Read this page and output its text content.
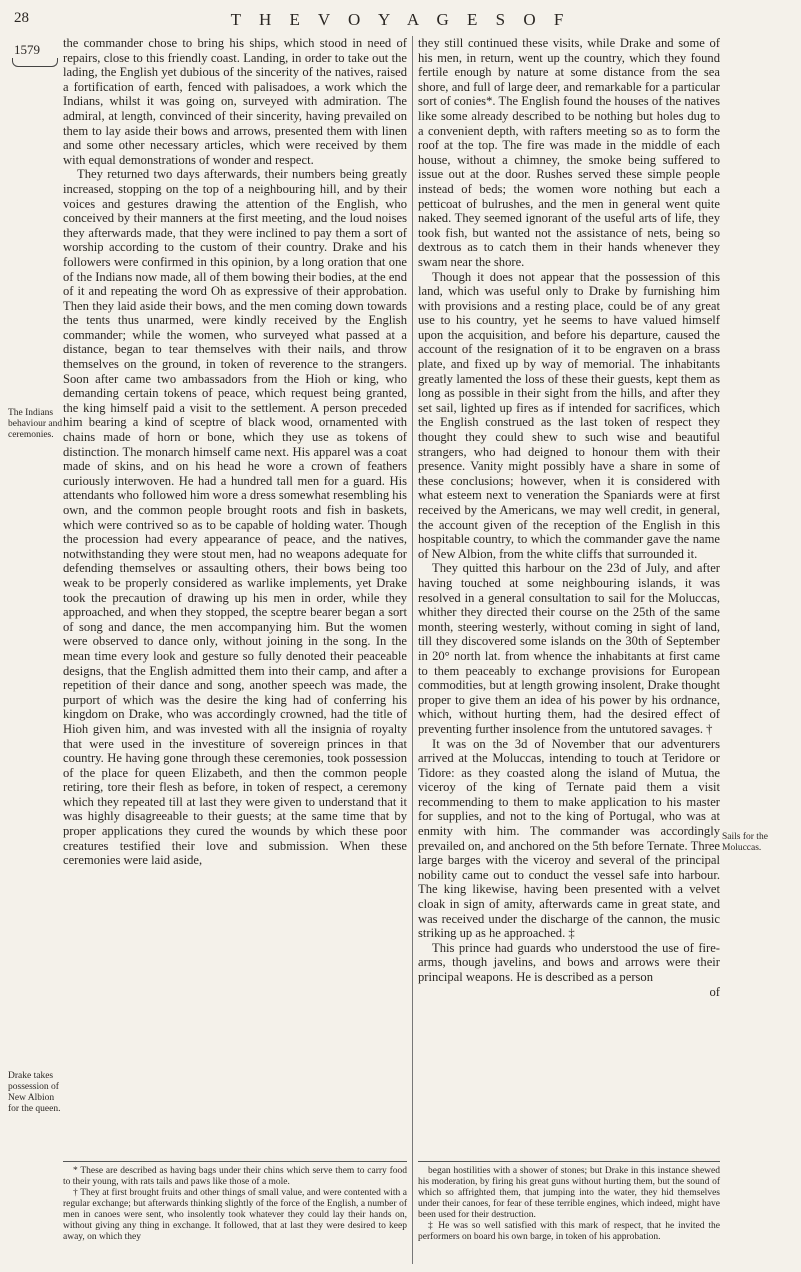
28	T H E V O Y A G E S O F
1579
The Indians behaviour and ceremonies.
Drake takes possession of New Albion for the queen.
Sails for the Moluccas.

the commander chose to bring his ships, which stood in need of repairs, close to this friendly coast. Landing, in order to take out the lading, the English yet dubious of the sincerity of the natives, raised a fortification of earth, fenced with palisadoes, a work which the Indians, whilst it was going on, surveyed with admiration. The admiral, at length, convinced of their sincerity, having prevailed on them to lay aside their bows and arrows, presented them with linen and some other necessary articles, which were received by them with equal demonstrations of wonder and respect.

They returned two days afterwards, their numbers being greatly increased, stopping on the top of a neighbouring hill, and by their voices and gestures drawing the attention of the English, who conceived by their manners at the first meeting, and the loud noises they afterwards made, that they were inclined to pay them a sort of worship according to the custom of their country. Drake and his followers were confirmed in this opinion, by a long oration that one of the Indians now made, all of them bowing their bodies, at the end of it and repeating the word Oh as expressive of their approbation. Then they laid aside their bows, and the men coming down towards the tents thus unarmed, were kindly received by the English commander; while the women, who surveyed what passed at a distance, began to tear themselves with their nails, and throw themselves on the ground, in token of reverence to the strangers. Soon after came two ambassadors from the Hioh or king, who demanding certain tokens of peace, which request being granted, the king himself paid a visit to the settlement. A person preceded him bearing a kind of sceptre of black wood, ornamented with chains made of horn or bone, which they use as tokens of distinction. The monarch himself came next. His apparel was a coat made of skins, and on his head he wore a crown of feathers curiously interwoven. He had a hundred tall men for a guard. His attendants who followed him wore a dress somewhat resembling his own, and the common people brought roots and fish in baskets, which were contrived so as to be capable of holding water. Though the procession had every appearance of peace, and the natives, notwithstanding they were stout men, had no weapons adequate for defending themselves or assaulting others, their bows being too weak to be properly considered as warlike implements, yet Drake took the precaution of drawing up his men in order, while they approached, and when they stopped, the sceptre bearer began a sort of song and dance, the men accompanying him. But the women were observed to dance only, without joining in the song. In the mean time every look and gesture so fully denoted their peaceable designs, that the English admitted them into their camp, and after a repetition of their dance and song, another speech was made, the purport of which was the desire the king had of conferring his kingdom on Drake, who was accordingly crowned, had the title of Hioh given him, and was invested with all the insignia of royalty that were used in the investiture of sovereign princes in that country. He having gone through these ceremonies, took possession of the place for queen Elizabeth, and then the common people retiring, tore their flesh as before, in token of respect, a ceremony which they repeated till at last they were given to understand that it was highly disagreeable to their guests; at the same time that by proper applications they cured the wounds by which these poor creatures testified their love and submission. When these ceremonies were laid aside,

they still continued these visits, while Drake and some of his men, in return, went up the country, which they found fertile enough by nature at some distance from the sea shore, and full of large deer, and remarkable for a particular sort of conies*. The English found the houses of the natives like some already described to be nothing but holes dug to a convenient depth, with rafters meeting so as to form the roof at the top. The fire was made in the middle of each house, without a chimney, the smoke being suffered to issue out at the door. Rushes served these simple people instead of beds; the women wore nothing but each a petticoat of bulrushes, and the men in general went quite naked. They seemed ignorant of the useful arts of life, they took fish, but wanted not the assistance of nets, being so dextrous as to catch them in their hands whenever they swam near the shore.

Though it does not appear that the possession of this land, which was useful only to Drake by furnishing him with provisions and a resting place, could be of any great use to his country, yet he seems to have valued himself upon the acquisition, and before his departure, caused the account of the resignation of it to be engraven on a brass plate, and fixed up by way of memorial. The inhabitants greatly lamented the loss of these their guests, kept them as long as possible in their sight from the hills, and after they set sail, lighted up fires as if intended for sacrifices, which the English construed as the last token of respect they thought they could shew to such wise and beautiful strangers, who had deigned to honour them with their presence. Vanity might possibly have a share in some of these conclusions; however, when it is considered with what esteem next to veneration the Spaniards were at first received by the Americans, we may well credit, in general, the account given of the reception of the English in this hospitable country, to which the commander gave the name of New Albion, from the white cliffs that surrounded it.

They quitted this harbour on the 23d of July, and after having touched at some neighbouring islands, it was resolved in a general consultation to sail for the Moluccas, whither they directed their course on the 25th of the same month, steering westerly, without coming in sight of land, till they discovered some islands on the 30th of September in 20° north lat. from whence the inhabitants at first came to them peaceably to exchange provisions for European commodities, but at length growing insolent, Drake thought proper to give them an idea of his power by his ordnance, which, without hurting them, had the desired effect of preventing further insolence from the untutored savages. †

It was on the 3d of November that our adventurers arrived at the Moluccas, intending to touch at Teridore or Tidore: as they coasted along the island of Mutua, the viceroy of the king of Ternate paid them a visit recommending to them to make application to his master for supplies, and not to the king of Portugal, who was at enmity with him. The commander was accordingly prevailed on, and anchored on the 5th before Ternate. Three large barges with the viceroy and several of the principal nobility came out to conduct the vessel safe into harbour. The king likewise, having been presented with a velvet cloak in sign of amity, afterwards came in great state, and was received under the discharge of the cannon, the music striking up as he approached. ‡

This prince had guards who understood the use of fire-arms, though javelins, and bows and arrows were their principal weapons. He is described as a person

of

* These are described as having bags under their chins which serve them to carry food to their young, with rats tails and paws like those of a mole.

† They at first brought fruits and other things of small value, and were contented with a regular exchange; but afterwards thinking slightly of the force of the English, a number of men in canoes were sent, who insolently took whatever they could lay their hands on, without giving any thing in exchange. It followed, that at last they were desired to keep away, on which they

began hostilities with a shower of stones; but Drake in this instance shewed his moderation, by firing his great guns without hurting them, but the sound of which so affrighted them, that jumping into the water, they hid themselves under their canoes, for fear of these terrible engines, which indeed, might have been used for their destruction.

‡ He was so well satisfied with this mark of respect, that he invited the performers on board his own barge, in token of his approbation.
